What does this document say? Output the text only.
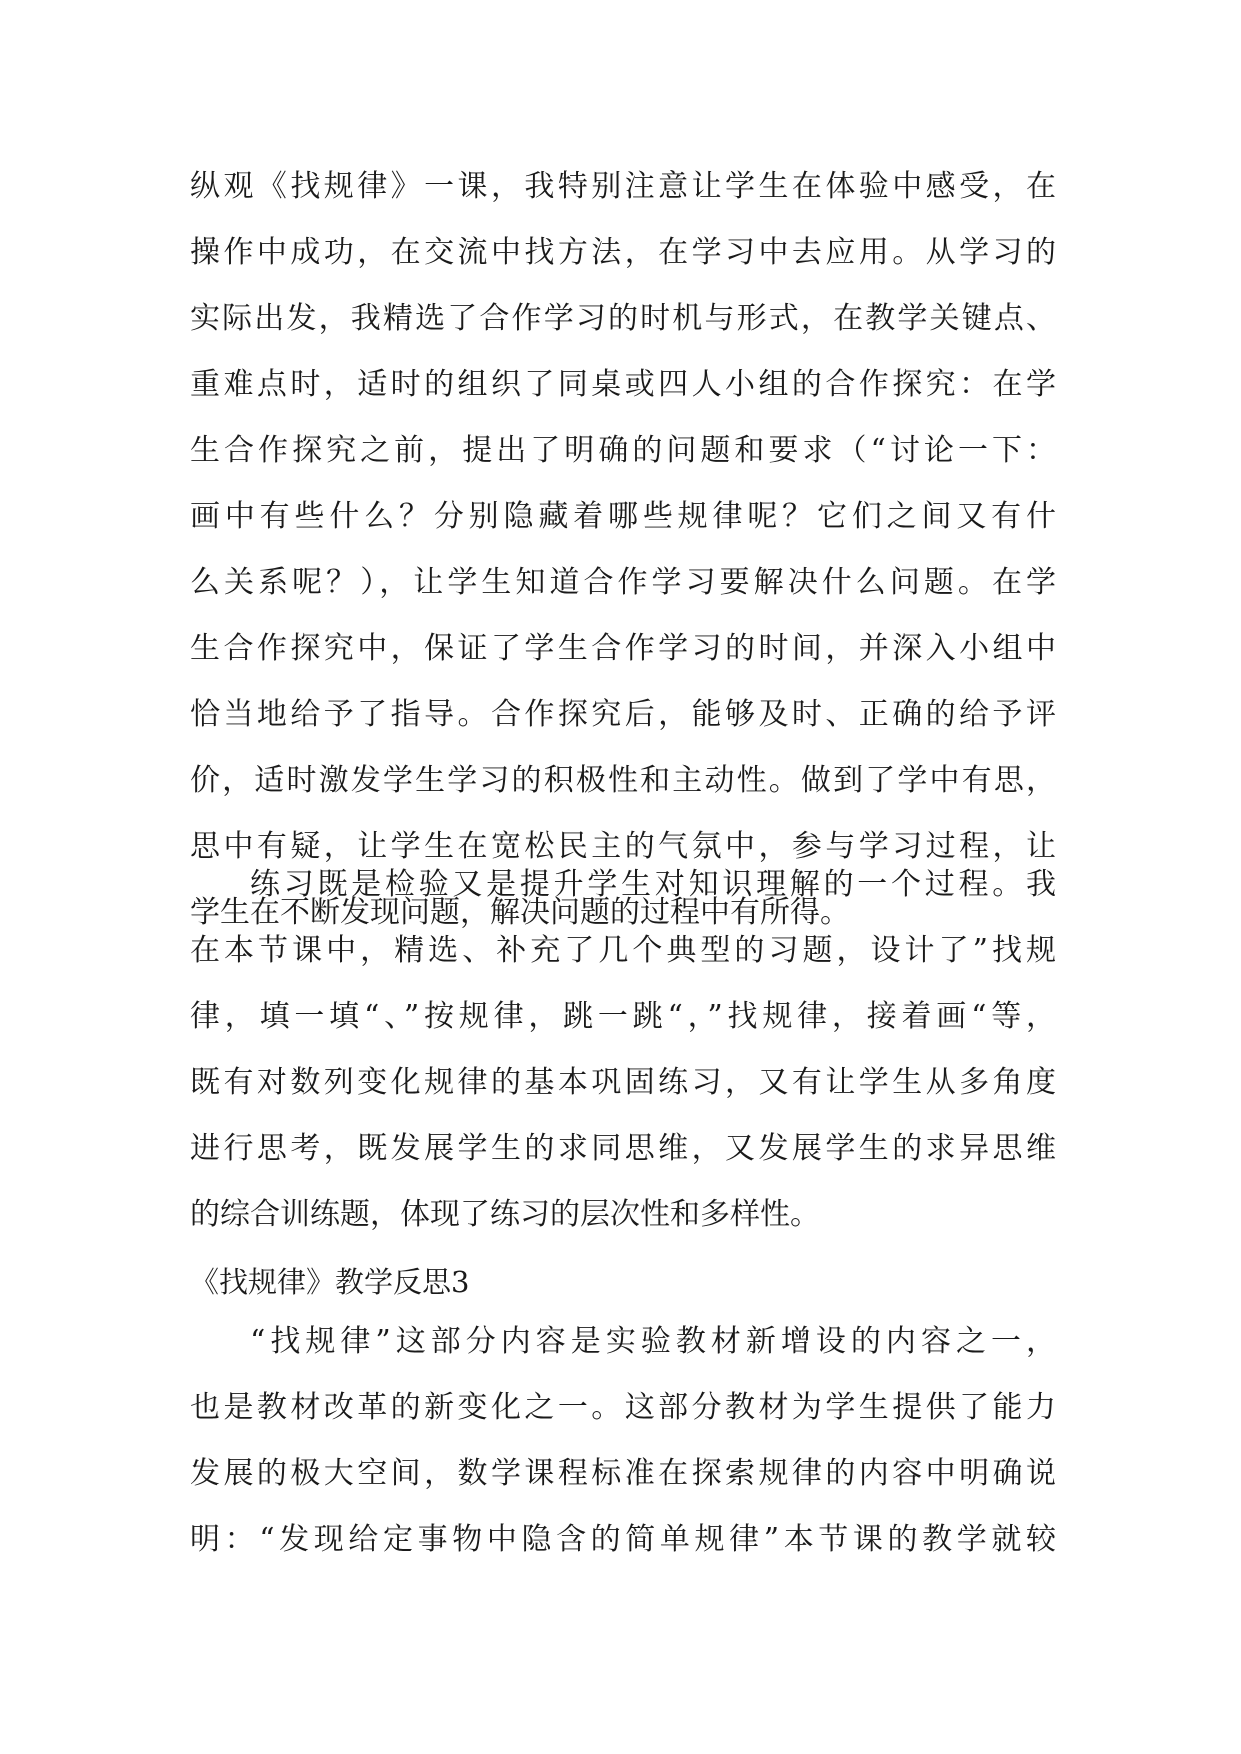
纵观《找规律》一课，我特别注意让学生在体验中感受，在
操作中成功，在交流中找方法，在学习中去应用。从学习的
实际出发，我精选了合作学习的时机与形式，在教学关键点、
重难点时，适时的组织了同桌或四人小组的合作探究：在学
生合作探究之前，提出了明确的问题和要求（“讨论一下：
画中有些什么？分别隐藏着哪些规律呢？它们之间又有什
么关系呢？），让学生知道合作学习要解决什么问题。在学
生合作探究中，保证了学生合作学习的时间，并深入小组中
恰当地给予了指导。合作探究后，能够及时、正确的给予评
价，适时激发学生学习的积极性和主动性。做到了学中有思，
思中有疑，让学生在宽松民主的气氛中，参与学习过程，让
学生在不断发现问题，解决问题的过程中有所得。
练习既是检验又是提升学生对知识理解的一个过程。我
在本节课中，精选、补充了几个典型的习题，设计了”找规
律，填一填“、”按规律，跳一跳“，”找规律，接着画“等，
既有对数列变化规律的基本巩固练习，又有让学生从多角度
进行思考，既发展学生的求同思维，又发展学生的求异思维
的综合训练题，体现了练习的层次性和多样性。
《找规律》教学反思3
“找规律”这部分内容是实验教材新增设的内容之一，
也是教材改革的新变化之一。这部分教材为学生提供了能力
发展的极大空间，数学课程标准在探索规律的内容中明确说
明：“发现给定事物中隐含的简单规律”本节课的教学就较
